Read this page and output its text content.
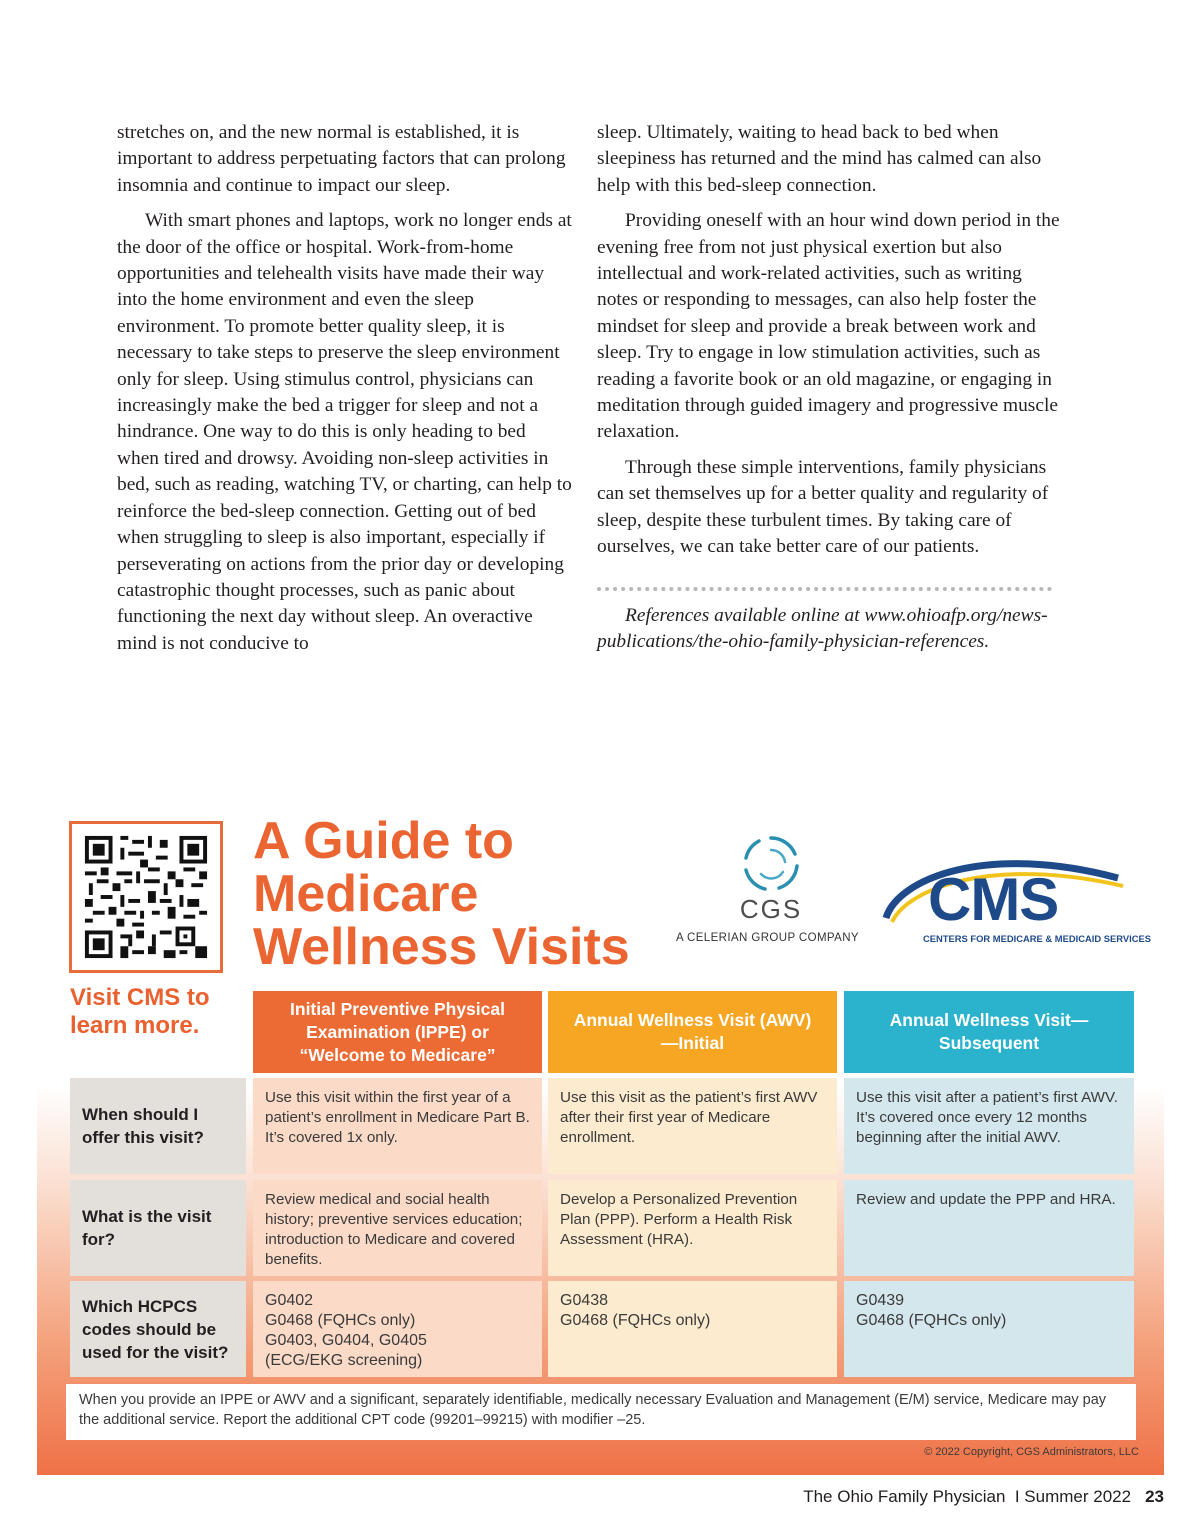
stretches on, and the new normal is established, it is important to address perpetuating factors that can prolong insomnia and continue to impact our sleep.

With smart phones and laptops, work no longer ends at the door of the office or hospital. Work-from-home opportunities and telehealth visits have made their way into the home environment and even the sleep environment. To promote better quality sleep, it is necessary to take steps to preserve the sleep environment only for sleep. Using stimulus control, physicians can increasingly make the bed a trigger for sleep and not a hindrance. One way to do this is only heading to bed when tired and drowsy. Avoiding non-sleep activities in bed, such as reading, watching TV, or charting, can help to reinforce the bed-sleep connection. Getting out of bed when struggling to sleep is also important, especially if perseverating on actions from the prior day or developing catastrophic thought processes, such as panic about functioning the next day without sleep. An overactive mind is not conducive to

sleep. Ultimately, waiting to head back to bed when sleepiness has returned and the mind has calmed can also help with this bed-sleep connection.

Providing oneself with an hour wind down period in the evening free from not just physical exertion but also intellectual and work-related activities, such as writing notes or responding to messages, can also help foster the mindset for sleep and provide a break between work and sleep. Try to engage in low stimulation activities, such as reading a favorite book or an old magazine, or engaging in meditation through guided imagery and progressive muscle relaxation.

Through these simple interventions, family physicians can set themselves up for a better quality and regularity of sleep, despite these turbulent times. By taking care of ourselves, we can take better care of our patients.

References available online at www.ohioafp.org/news-publications/the-ohio-family-physician-references.

Visit CMS to learn more.
A Guide to Medicare Wellness Visits
CGS
A CELERIAN GROUP COMPANY
CMS
CENTERS FOR MEDICARE & MEDICAID SERVICES
Initial Preventive Physical Examination (IPPE) or “Welcome to Medicare”
Annual Wellness Visit (AWV)—Initial
Annual Wellness Visit—Subsequent
When should I offer this visit?
Use this visit within the first year of a patient’s enrollment in Medicare Part B. It’s covered 1x only.
Use this visit as the patient’s first AWV after their first year of Medicare enrollment.
Use this visit after a patient’s first AWV. It’s covered once every 12 months beginning after the initial AWV.
What is the visit for?
Review medical and social health history; preventive services education; introduction to Medicare and covered benefits.
Develop a Personalized Prevention Plan (PPP). Perform a Health Risk Assessment (HRA).
Review and update the PPP and HRA.
Which HCPCS codes should be used for the visit?
G0402
G0468 (FQHCs only)
G0403, G0404, G0405
(ECG/EKG screening)
G0438
G0468 (FQHCs only)
G0439
G0468 (FQHCs only)
When you provide an IPPE or AWV and a significant, separately identifiable, medically necessary Evaluation and Management (E/M) service, Medicare may pay the additional service. Report the additional CPT code (99201–99215) with modifier –25.
© 2022 Copyright, CGS Administrators, LLC
The Ohio Family Physician  I Summer 2022 23
